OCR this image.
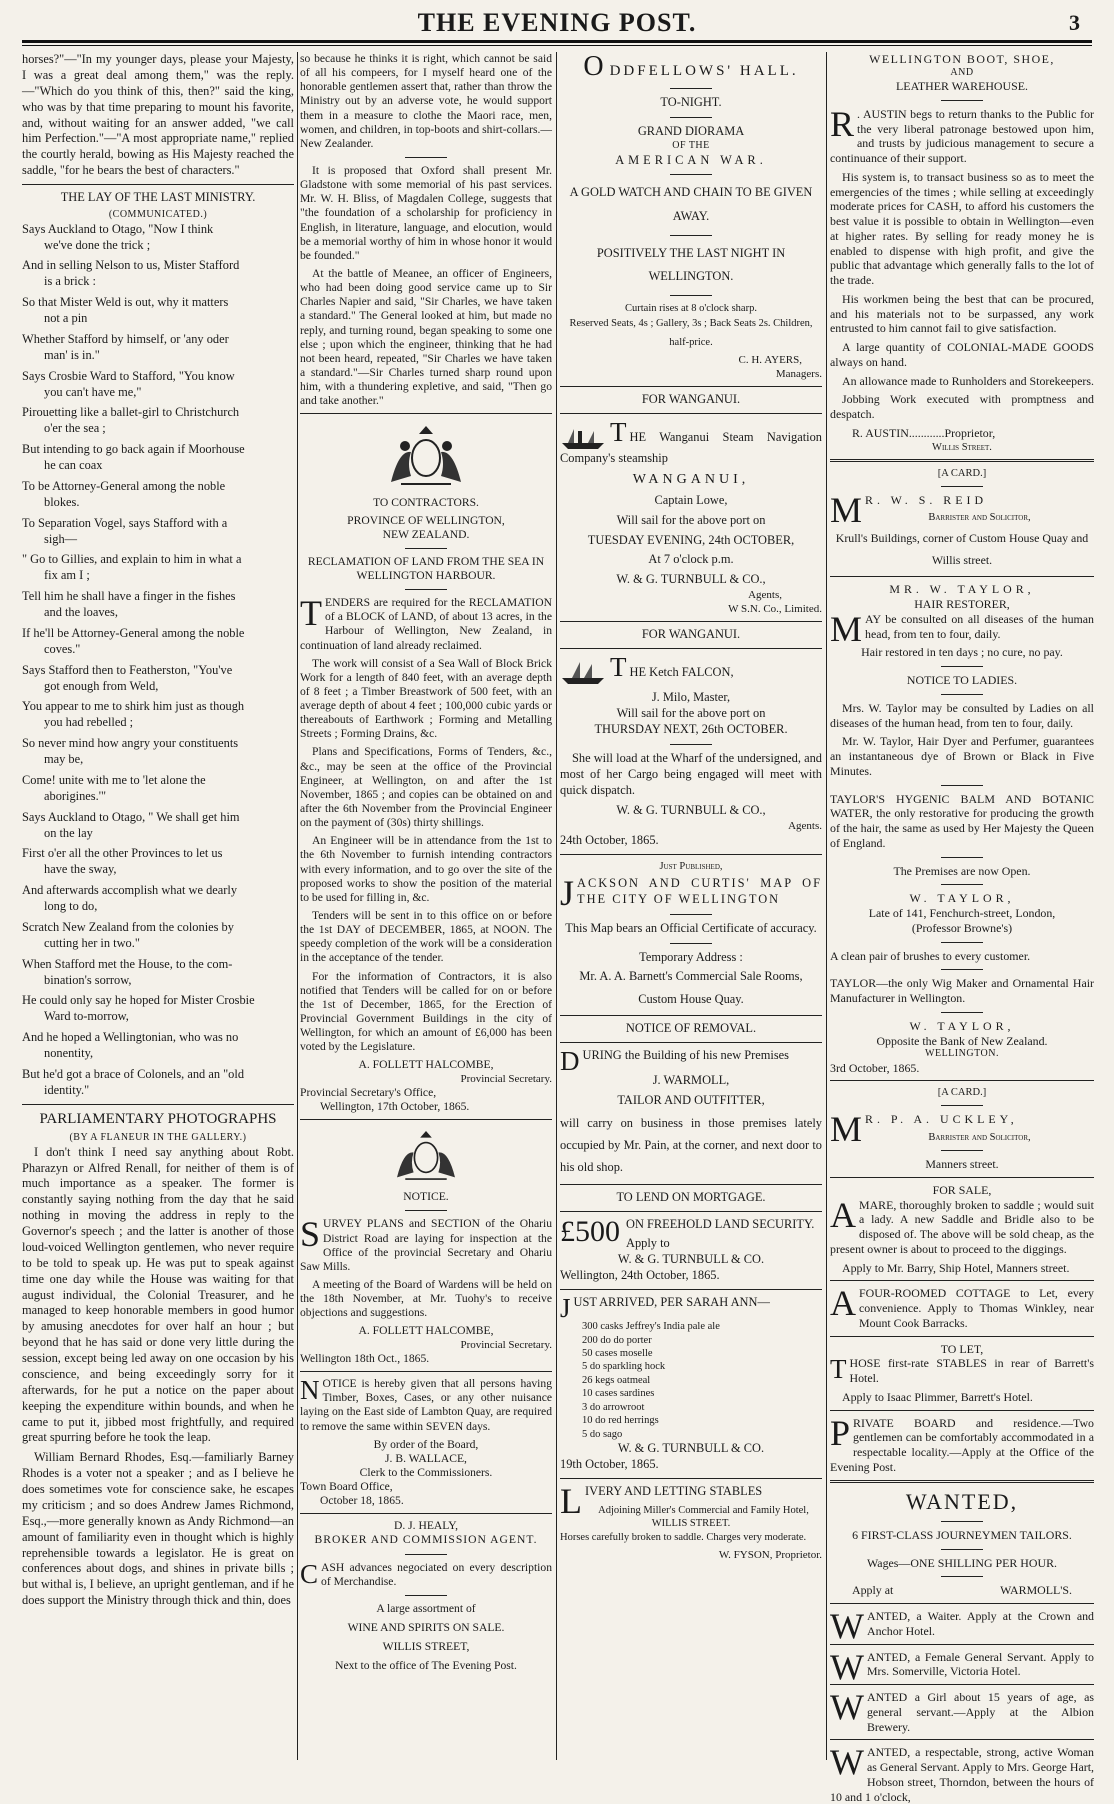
THE EVENING POST.	3

horses?"—"In my younger days, please your Majesty, I was a great deal among them," was the reply.—"Which do you think of this, then?" said the king, who was by that time preparing to mount his favorite, and, without waiting for an answer added, "we call him Perfection."—"A most appropriate name," replied the courtly herald, bowing as His Majesty reached the saddle, "for he bears the best of characters."

THE LAY OF THE LAST MINISTRY.
(COMMUNICATED.)
Says Auckland to Otago, "Now I think
we've done the trick ;
And in selling Nelson to us, Mister Stafford
is a brick :
So that Mister Weld is out, why it matters
not a pin
Whether Stafford by himself, or 'any oder
man' is in."
Says Crosbie Ward to Stafford, "You know
you can't have me,"
Pirouetting like a ballet-girl to Christchurch
o'er the sea ;
But intending to go back again if Moorhouse
he can coax
To be Attorney-General among the noble
blokes.
To Separation Vogel, says Stafford with a
sigh—
" Go to Gillies, and explain to him in what a
fix am I ;
Tell him he shall have a finger in the fishes
and the loaves,
If he'll be Attorney-General among the noble
coves."
Says Stafford then to Featherston, "You've
got enough from Weld,
You appear to me to shirk him just as though
you had rebelled ;
So never mind how angry your constituents
may be,
Come! unite with me to 'let alone the
aborigines.'"
Says Auckland to Otago, " We shall get him
on the lay
First o'er all the other Provinces to let us
have the sway,
And afterwards accomplish what we dearly
long to do,
Scratch New Zealand from the colonies by
cutting her in two."
When Stafford met the House, to the com-
bination's sorrow,
He could only say he hoped for Mister Crosbie
Ward to-morrow,
And he hoped a Wellingtonian, who was no
nonentity,
But he'd got a brace of Colonels, and an "old
identity."
PARLIAMENTARY PHOTOGRAPHS
(BY A FLANEUR IN THE GALLERY.)

I don't think I need say anything about Robt. Pharazyn or Alfred Renall, for neither of them is of much importance as a speaker. The former is constantly saying nothing from the day that he said nothing in moving the address in reply to the Governor's speech ; and the latter is another of those loud-voiced Wellington gentlemen, who never require to be told to speak up. He was put to speak against time one day while the House was waiting for that august individual, the Colonial Treasurer, and he managed to keep honorable members in good humor by amusing anecdotes for over half an hour ; but beyond that he has said or done very little during the session, except being led away on one occasion by his conscience, and being exceedingly sorry for it afterwards, for he put a notice on the paper about keeping the expenditure within bounds, and when he came to put it, jibbed most frightfully, and required great spurring before he took the leap.

William Bernard Rhodes, Esq.—familiarly Barney Rhodes is a voter not a speaker ; and as I believe he does sometimes vote for conscience sake, he escapes my criticism ; and so does Andrew James Richmond, Esq.,—more generally known as Andy Richmond—an amount of familiarity even in thought which is highly reprehensible towards a legislator. He is great on conferences about dogs, and shines in private bills ; but withal is, I believe, an upright gentleman, and if he does support the Ministry through thick and thin, does

so because he thinks it is right, which cannot be said of all his compeers, for I myself heard one of the honorable gentlemen assert that, rather than throw the Ministry out by an adverse vote, he would support them in a measure to clothe the Maori race, men, women, and children, in top-boots and shirt-collars.—New Zealander.

It is proposed that Oxford shall present Mr. Gladstone with some memorial of his past services. Mr. W. H. Bliss, of Magdalen College, suggests that "the foundation of a scholarship for proficiency in English, in literature, language, and elocution, would be a memorial worthy of him in whose honor it would be founded."

At the battle of Meanee, an officer of Engineers, who had been doing good service came up to Sir Charles Napier and said, "Sir Charles, we have taken a standard." The General looked at him, but made no reply, and turning round, began speaking to some one else ; upon which the engineer, thinking that he had not been heard, repeated, "Sir Charles we have taken a standard."—Sir Charles turned sharp round upon him, with a thundering expletive, and said, "Then go and take another."

TO CONTRACTORS.
PROVINCE OF WELLINGTON,
NEW ZEALAND.
RECLAMATION OF LAND FROM THE SEA IN WELLINGTON HARBOUR.

TENDERS are required for the RECLAMATION of a BLOCK of LAND, of about 13 acres, in the Harbour of Wellington, New Zealand, in continuation of land already reclaimed.

The work will consist of a Sea Wall of Block Brick Work for a length of 840 feet, with an average depth of 8 feet ; a Timber Breastwork of 500 feet, with an average depth of about 4 feet ; 100,000 cubic yards or thereabouts of Earthwork ; Forming and Metalling Streets ; Forming Drains, &c.

Plans and Specifications, Forms of Tenders, &c., &c., may be seen at the office of the Provincial Engineer, at Wellington, on and after the 1st November, 1865 ; and copies can be obtained on and after the 6th November from the Provincial Engineer on the payment of (30s) thirty shillings.

An Engineer will be in attendance from the 1st to the 6th November to furnish intending contractors with every information, and to go over the site of the proposed works to show the position of the material to be used for filling in, &c.

Tenders will be sent in to this office on or before the 1st DAY of DECEMBER, 1865, at NOON. The speedy completion of the work will be a consideration in the acceptance of the tender.

For the information of Contractors, it is also notified that Tenders will be called for on or before the 1st of December, 1865, for the Erection of Provincial Government Buildings in the city of Wellington, for which an amount of £6,000 has been voted by the Legislature.

A. FOLLETT HALCOMBE,
Provincial Secretary.
Provincial Secretary's Office,
Wellington, 17th October, 1865.
NOTICE.

SURVEY PLANS and SECTION of the Ohariu District Road are laying for inspection at the Office of the provincial Secretary and Ohariu Saw Mills.

A meeting of the Board of Wardens will be held on the 18th November, at Mr. Tuohy's to receive objections and suggestions.

A. FOLLETT HALCOMBE,
Provincial Secretary.
Wellington 18th Oct., 1865.

NOTICE is hereby given that all persons having Timber, Boxes, Cases, or any other nuisance laying on the East side of Lambton Quay, are required to remove the same within SEVEN days.

By order of the Board,
J. B. WALLACE,
Clerk to the Commissioners.
Town Board Office,
October 18, 1865.
D. J. HEALY,
BROKER AND COMMISSION AGENT.

CASH advances negociated on every description of Merchandise.

A large assortment of
WINE AND SPIRITS ON SALE.
WILLIS STREET,
Next to the office of The Evening Post.
ODDFELLOWS' HALL.
TO-NIGHT.
GRAND DIORAMA
OF THE
AMERICAN WAR.
A GOLD WATCH AND CHAIN TO BE GIVEN AWAY.
POSITIVELY THE LAST NIGHT IN WELLINGTON.
Curtain rises at 8 o'clock sharp.
Reserved Seats, 4s ; Gallery, 3s ; Back Seats 2s. Children, half-price.
C. H. AYERS,
Managers.
FOR WANGANUI.

THE Wanganui Steam Navigation Company's steamship

WANGANUI,
Captain Lowe,
Will sail for the above port on
TUESDAY EVENING, 24th OCTOBER,
At 7 o'clock p.m.
W. & G. TURNBULL & CO.,
Agents,
W S.N. Co., Limited.
FOR WANGANUI.

THE Ketch FALCON,

J. Milo, Master,
Will sail for the above port on
THURSDAY NEXT, 26th OCTOBER.

She will load at the Wharf of the undersigned, and most of her Cargo being engaged will meet with quick dispatch.

W. & G. TURNBULL & CO.,
Agents.
24th October, 1865.
Just Published,

JACKSON AND CURTIS' MAP OF THE CITY OF WELLINGTON

This Map bears an Official Certificate of accuracy.
Temporary Address :
Mr. A. A. Barnett's Commercial Sale Rooms, Custom House Quay.
NOTICE OF REMOVAL.

DURING the Building of his new Premises

J. WARMOLL,
TAILOR AND OUTFITTER,

will carry on business in those premises lately occupied by Mr. Pain, at the corner, and next door to his old shop.

TO LEND ON MORTGAGE.

£500 ON FREEHOLD LAND SECURITY.

Apply to
W. & G. TURNBULL & CO.
Wellington, 24th October, 1865.

JUST ARRIVED, PER SARAH ANN—

300 casks Jeffrey's India pale ale
200 do do porter
50 cases moselle
5 do sparkling hock
26 kegs oatmeal
10 cases sardines
3 do arrowroot
10 do red herrings
5 do sago
W. & G. TURNBULL & CO.
19th October, 1865.

LIVERY AND LETTING STABLES

Adjoining Miller's Commercial and Family Hotel,
WILLIS STREET.

Horses carefully broken to saddle. Charges very moderate.

W. FYSON, Proprietor.
WELLINGTON BOOT, SHOE,
AND
LEATHER WAREHOUSE.

R . AUSTIN begs to return thanks to the Public for the very liberal patronage bestowed upon him, and trusts by judicious management to secure a continuance of their support.

His system is, to transact business so as to meet the emergencies of the times ; while selling at exceedingly moderate prices for CASH, to afford his customers the best value it is possible to obtain in Wellington—even at higher rates. By selling for ready money he is enabled to dispense with high profit, and give the public that advantage which generally falls to the lot of the trade.

His workmen being the best that can be procured, and his materials not to be surpassed, any work entrusted to him cannot fail to give satisfaction.

A large quantity of COLONIAL-MADE GOODS always on hand.

An allowance made to Runholders and Storekeepers.

Jobbing Work executed with promptness and despatch.

R. AUSTIN............Proprietor,
Willis Street.
[A CARD.]

M R. W. S. REID

Barrister and Solicitor,
Krull's Buildings, corner of Custom House Quay and Willis street.
MR. W. TAYLOR,
HAIR RESTORER,

MAY be consulted on all diseases of the human head, from ten to four, daily.

Hair restored in ten days ; no cure, no pay.
NOTICE TO LADIES.

Mrs. W. Taylor may be consulted by Ladies on all diseases of the human head, from ten to four, daily.

Mr. W. Taylor, Hair Dyer and Perfumer, guarantees an instantaneous dye of Brown or Black in Five Minutes.

TAYLOR'S HYGENIC BALM AND BOTANIC WATER, the only restorative for producing the growth of the hair, the same as used by Her Majesty the Queen of England.

The Premises are now Open.
W. TAYLOR,
Late of 141, Fenchurch-street, London,
(Professor Browne's)
A clean pair of brushes to every customer.

TAYLOR—the only Wig Maker and Ornamental Hair Manufacturer in Wellington.

W. TAYLOR,
Opposite the Bank of New Zealand.
WELLINGTON.
3rd October, 1865.
[A CARD.]

M R. P. A. UCKLEY,

Barrister and Solicitor,
Manners street.
FOR SALE,

AMARE, thoroughly broken to saddle ; would suit a lady. A new Saddle and Bridle also to be disposed of. The above will be sold cheap, as the present owner is about to proceed to the diggings.

Apply to Mr. Barry, Ship Hotel, Manners street.

AFOUR-ROOMED COTTAGE to Let, every convenience. Apply to Thomas Winkley, near Mount Cook Barracks.

TO LET,

THOSE first-rate STABLES in rear of Barrett's Hotel.

Apply to Isaac Plimmer, Barrett's Hotel.

PRIVATE BOARD and residence.—Two gentlemen can be comfortably accommodated in a respectable locality.—Apply at the Office of the Evening Post.

WANTED,
6 FIRST-CLASS JOURNEYMEN TAILORS.
Wages—ONE SHILLING PER HOUR.
Apply at	WARMOLL'S.

WANTED, a Waiter. Apply at the Crown and Anchor Hotel.

WANTED, a Female General Servant. Apply to Mrs. Somerville, Victoria Hotel.

WANTED a Girl about 15 years of age, as general servant.—Apply at the Albion Brewery.

WANTED, a respectable, strong, active Woman as General Servant. Apply to Mrs. George Hart, Hobson street, Thorndon, between the hours of 10 and 1 o'clock,
